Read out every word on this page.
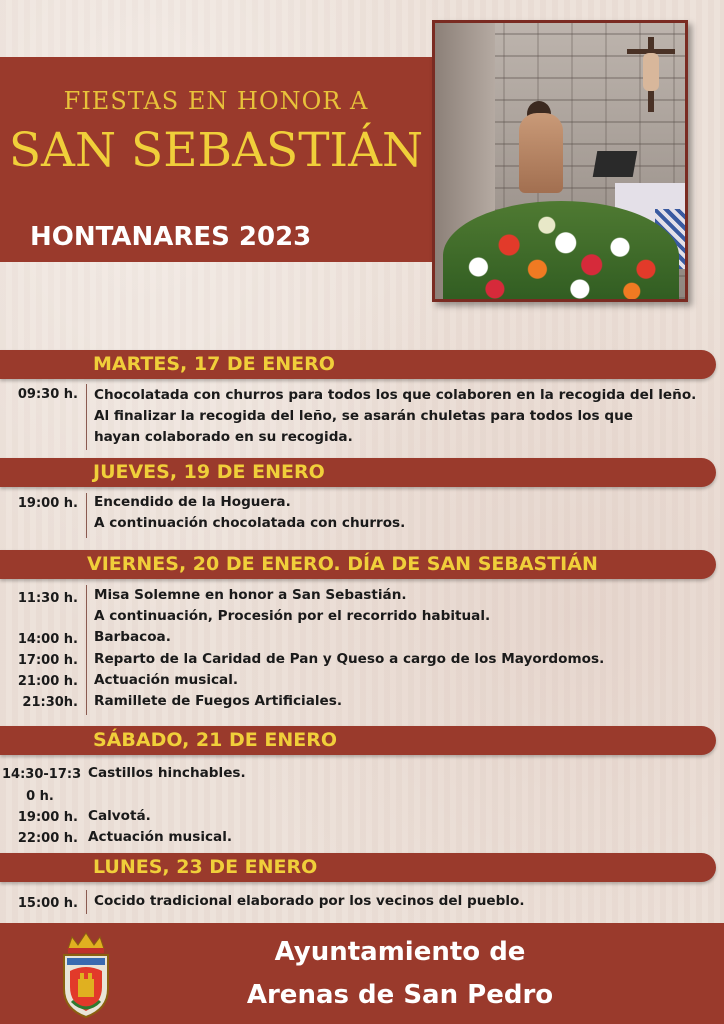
FIESTAS EN HONOR A
SAN SEBASTIÁN
HONTANARES 2023
MARTES, 17 DE ENERO
09:30 h. Chocolatada con churros para todos los que colaboren en la recogida del leño.
Al finalizar la recogida del leño, se asarán chuletas para todos los que
hayan colaborado en su recogida.
JUEVES, 19 DE ENERO
19:00 h. Encendido de la Hoguera.
A continuación chocolatada con churros.
VIERNES, 20 DE ENERO. DÍA DE SAN SEBASTIÁN
11:30 h. Misa Solemne en honor a San Sebastián.
A continuación, Procesión por el recorrido habitual.
14:00 h. Barbacoa.
17:00 h. Reparto de la Caridad de Pan y Queso a cargo de los Mayordomos.
21:00 h. Actuación musical.
21:30h. Ramillete de Fuegos Artificiales.
SÁBADO, 21 DE ENERO
14:30-17:3 Castillos hinchables.
0 h.
19:00 h. Calvotá.
22:00 h. Actuación musical.
LUNES, 23 DE ENERO
15:00 h. Cocido tradicional elaborado por los vecinos del pueblo.
Ayuntamiento de
Arenas de San Pedro
